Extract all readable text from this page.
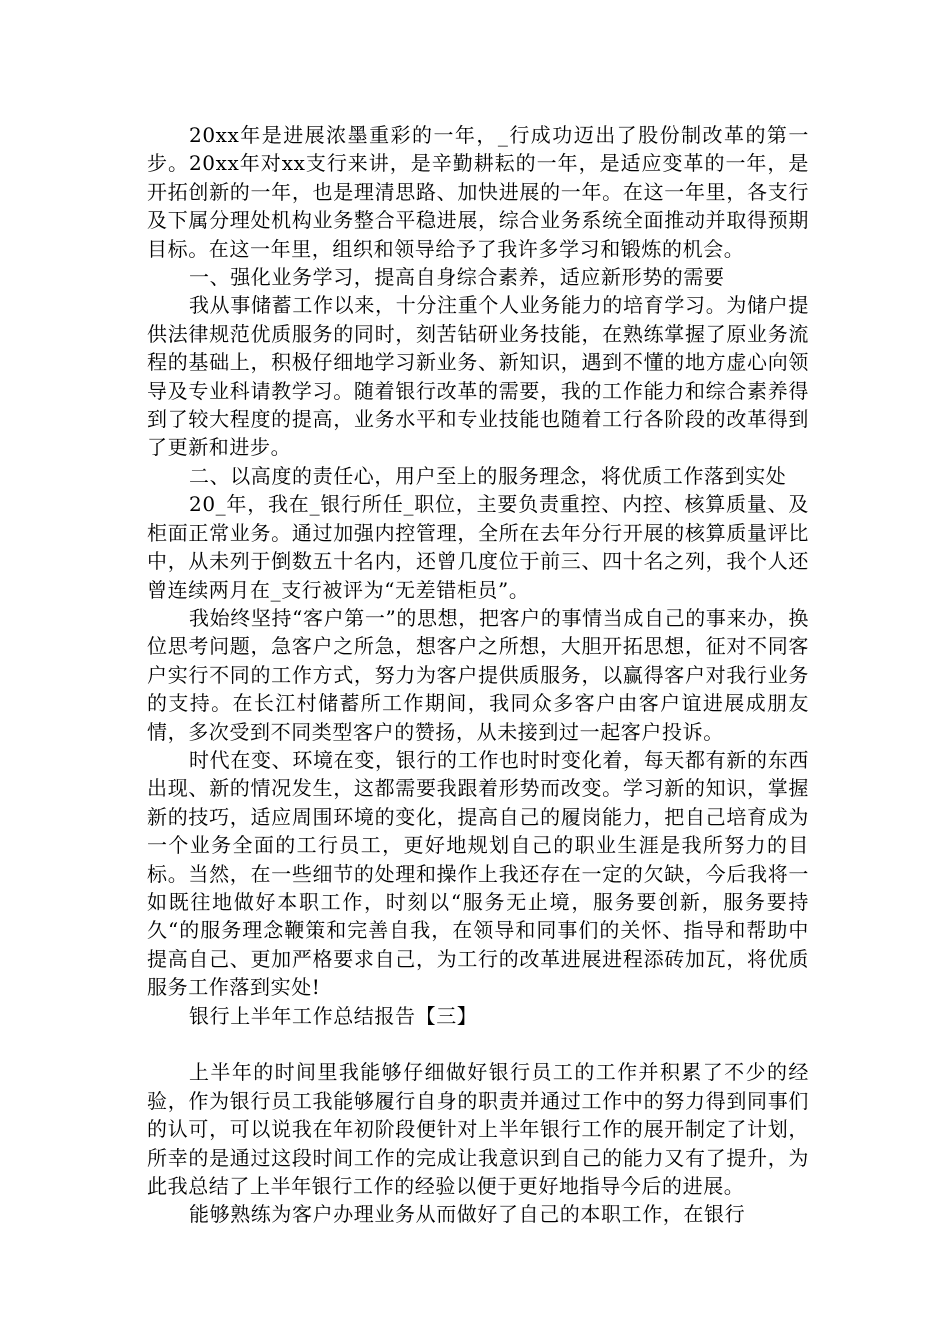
20xx年是进展浓墨重彩的一年，_行成功迈出了股份制改革的第一步。20xx年对xx支行来讲，是辛勤耕耘的一年，是适应变革的一年，是开拓创新的一年，也是理清思路、加快进展的一年。在这一年里，各支行及下属分理处机构业务整合平稳进展，综合业务系统全面推动并取得预期目标。在这一年里，组织和领导给予了我许多学习和锻炼的机会。

一、强化业务学习，提高自身综合素养，适应新形势的需要

我从事储蓄工作以来，十分注重个人业务能力的培育学习。为储户提供法律规范优质服务的同时，刻苦钻研业务技能，在熟练掌握了原业务流程的基础上，积极仔细地学习新业务、新知识，遇到不懂的地方虚心向领导及专业科请教学习。随着银行改革的需要，我的工作能力和综合素养得到了较大程度的提高，业务水平和专业技能也随着工行各阶段的改革得到了更新和进步。

二、以高度的责任心，用户至上的服务理念，将优质工作落到实处

20_年，我在_银行所任_职位，主要负责重控、内控、核算质量、及柜面正常业务。通过加强内控管理，全所在去年分行开展的核算质量评比中，从未列于倒数五十名内，还曾几度位于前三、四十名之列，我个人还曾连续两月在_支行被评为“无差错柜员”。

我始终坚持“客户第一”的思想，把客户的事情当成自己的事来办，换位思考问题，急客户之所急，想客户之所想，大胆开拓思想，征对不同客户实行不同的工作方式，努力为客户提供质服务，以赢得客户对我行业务的支持。在长江村储蓄所工作期间，我同众多客户由客户谊进展成朋友情，多次受到不同类型客户的赞扬，从未接到过一起客户投诉。

时代在变、环境在变，银行的工作也时时变化着，每天都有新的东西出现、新的情况发生，这都需要我跟着形势而改变。学习新的知识，掌握新的技巧，适应周围环境的变化，提高自己的履岗能力，把自己培育成为一个业务全面的工行员工，更好地规划自己的职业生涯是我所努力的目标。当然，在一些细节的处理和操作上我还存在一定的欠缺，今后我将一如既往地做好本职工作，时刻以“服务无止境，服务要创新，服务要持久“的服务理念鞭策和完善自我，在领导和同事们的关怀、指导和帮助中提高自己、更加严格要求自己，为工行的改革进展进程添砖加瓦，将优质服务工作落到实处!

银行上半年工作总结报告【三】

上半年的时间里我能够仔细做好银行员工的工作并积累了不少的经验，作为银行员工我能够履行自身的职责并通过工作中的努力得到同事们的认可，可以说我在年初阶段便针对上半年银行工作的展开制定了计划，所幸的是通过这段时间工作的完成让我意识到自己的能力又有了提升，为此我总结了上半年银行工作的经验以便于更好地指导今后的进展。

能够熟练为客户办理业务从而做好了自己的本职工作，在银行
